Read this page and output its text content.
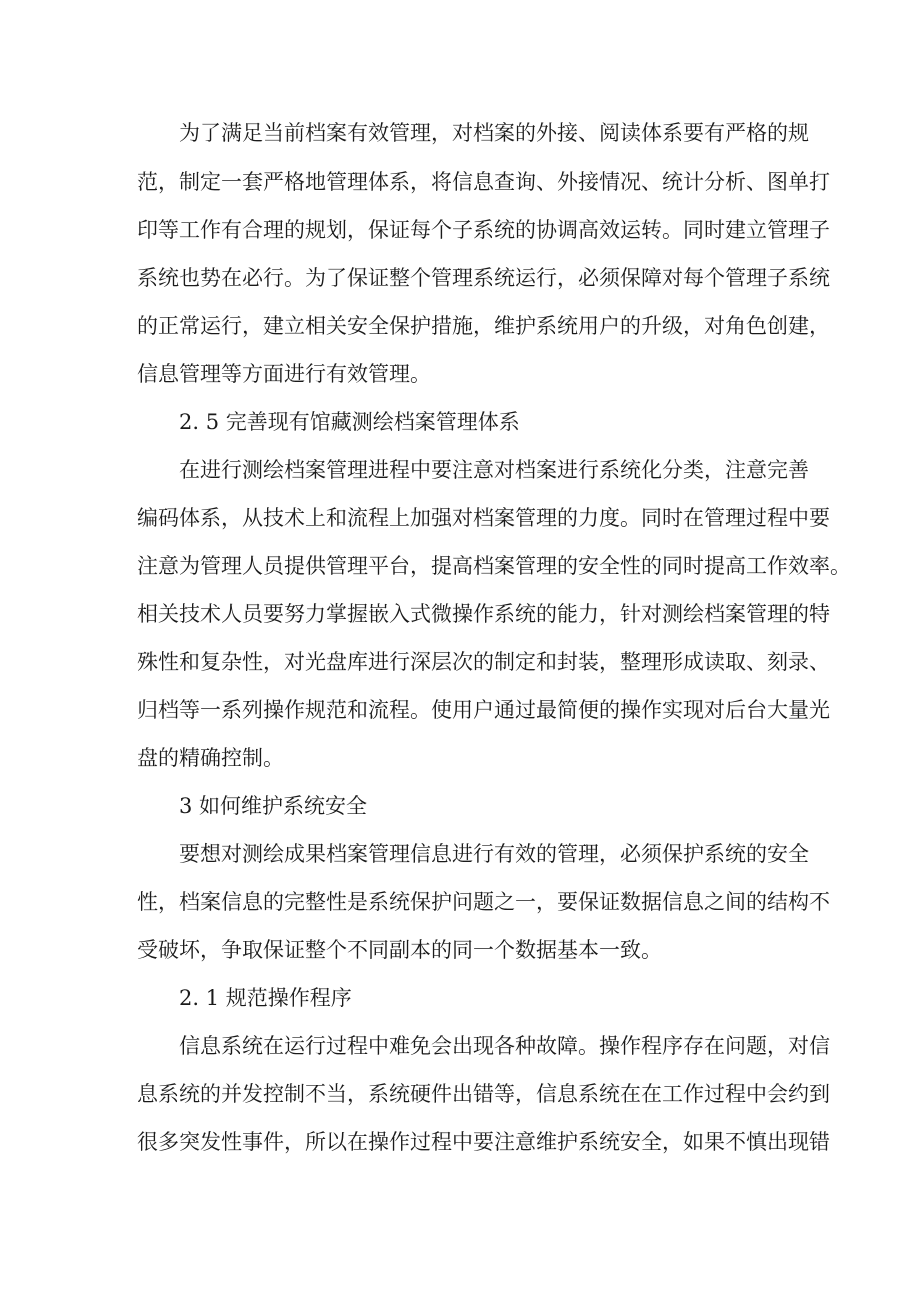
为了满足当前档案有效管理，对档案的外接、阅读体系要有严格的规
范，制定一套严格地管理体系，将信息查询、外接情况、统计分析、图单打
印等工作有合理的规划，保证每个子系统的协调高效运转。同时建立管理子
系统也势在必行。为了保证整个管理系统运行，必须保障对每个管理子系统
的正常运行，建立相关安全保护措施，维护系统用户的升级，对角色创建，
信息管理等方面进行有效管理。
2. 5 完善现有馆藏测绘档案管理体系
在进行测绘档案管理进程中要注意对档案进行系统化分类，注意完善
编码体系，从技术上和流程上加强对档案管理的力度。同时在管理过程中要
注意为管理人员提供管理平台，提高档案管理的安全性的同时提高工作效率。
相关技术人员要努力掌握嵌入式微操作系统的能力，针对测绘档案管理的特
殊性和复杂性，对光盘库进行深层次的制定和封装，整理形成读取、刻录、
归档等一系列操作规范和流程。使用户通过最简便的操作实现对后台大量光
盘的精确控制。
3 如何维护系统安全
要想对测绘成果档案管理信息进行有效的管理，必须保护系统的安全
性，档案信息的完整性是系统保护问题之一，要保证数据信息之间的结构不
受破坏，争取保证整个不同副本的同一个数据基本一致。
2. 1 规范操作程序
信息系统在运行过程中难免会出现各种故障。操作程序存在问题，对信
息系统的并发控制不当，系统硬件出错等，信息系统在在工作过程中会约到
很多突发性事件，所以在操作过程中要注意维护系统安全，如果不慎出现错
